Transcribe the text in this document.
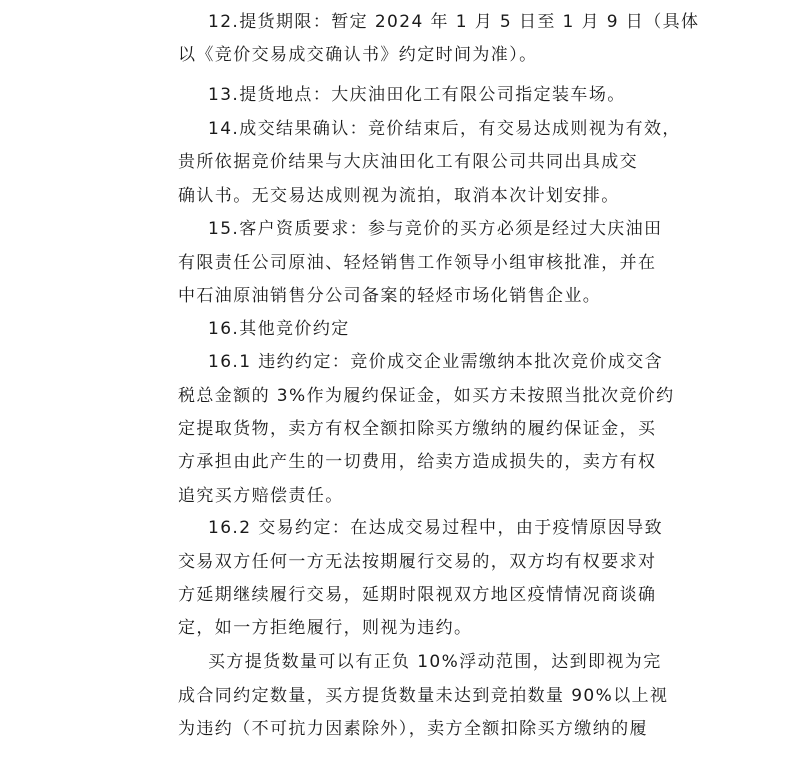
12.提货期限：暂定 2024 年 1 月 5 日至 1 月 9 日（具体
以《竞价交易成交确认书》约定时间为准）。
13.提货地点：大庆油田化工有限公司指定装车场。
14.成交结果确认：竞价结束后，有交易达成则视为有效，
贵所依据竞价结果与大庆油田化工有限公司共同出具成交
确认书。无交易达成则视为流拍，取消本次计划安排。
15.客户资质要求：参与竞价的买方必须是经过大庆油田
有限责任公司原油、轻烃销售工作领导小组审核批准，并在
中石油原油销售分公司备案的轻烃市场化销售企业。
16.其他竞价约定
16.1 违约约定：竞价成交企业需缴纳本批次竞价成交含
税总金额的 3%作为履约保证金，如买方未按照当批次竞价约
定提取货物，卖方有权全额扣除买方缴纳的履约保证金，买
方承担由此产生的一切费用，给卖方造成损失的，卖方有权
追究买方赔偿责任。
16.2 交易约定：在达成交易过程中，由于疫情原因导致
交易双方任何一方无法按期履行交易的，双方均有权要求对
方延期继续履行交易，延期时限视双方地区疫情情况商谈确
定，如一方拒绝履行，则视为违约。
买方提货数量可以有正负 10%浮动范围，达到即视为完
成合同约定数量，买方提货数量未达到竞拍数量 90%以上视
为违约（不可抗力因素除外），卖方全额扣除买方缴纳的履
